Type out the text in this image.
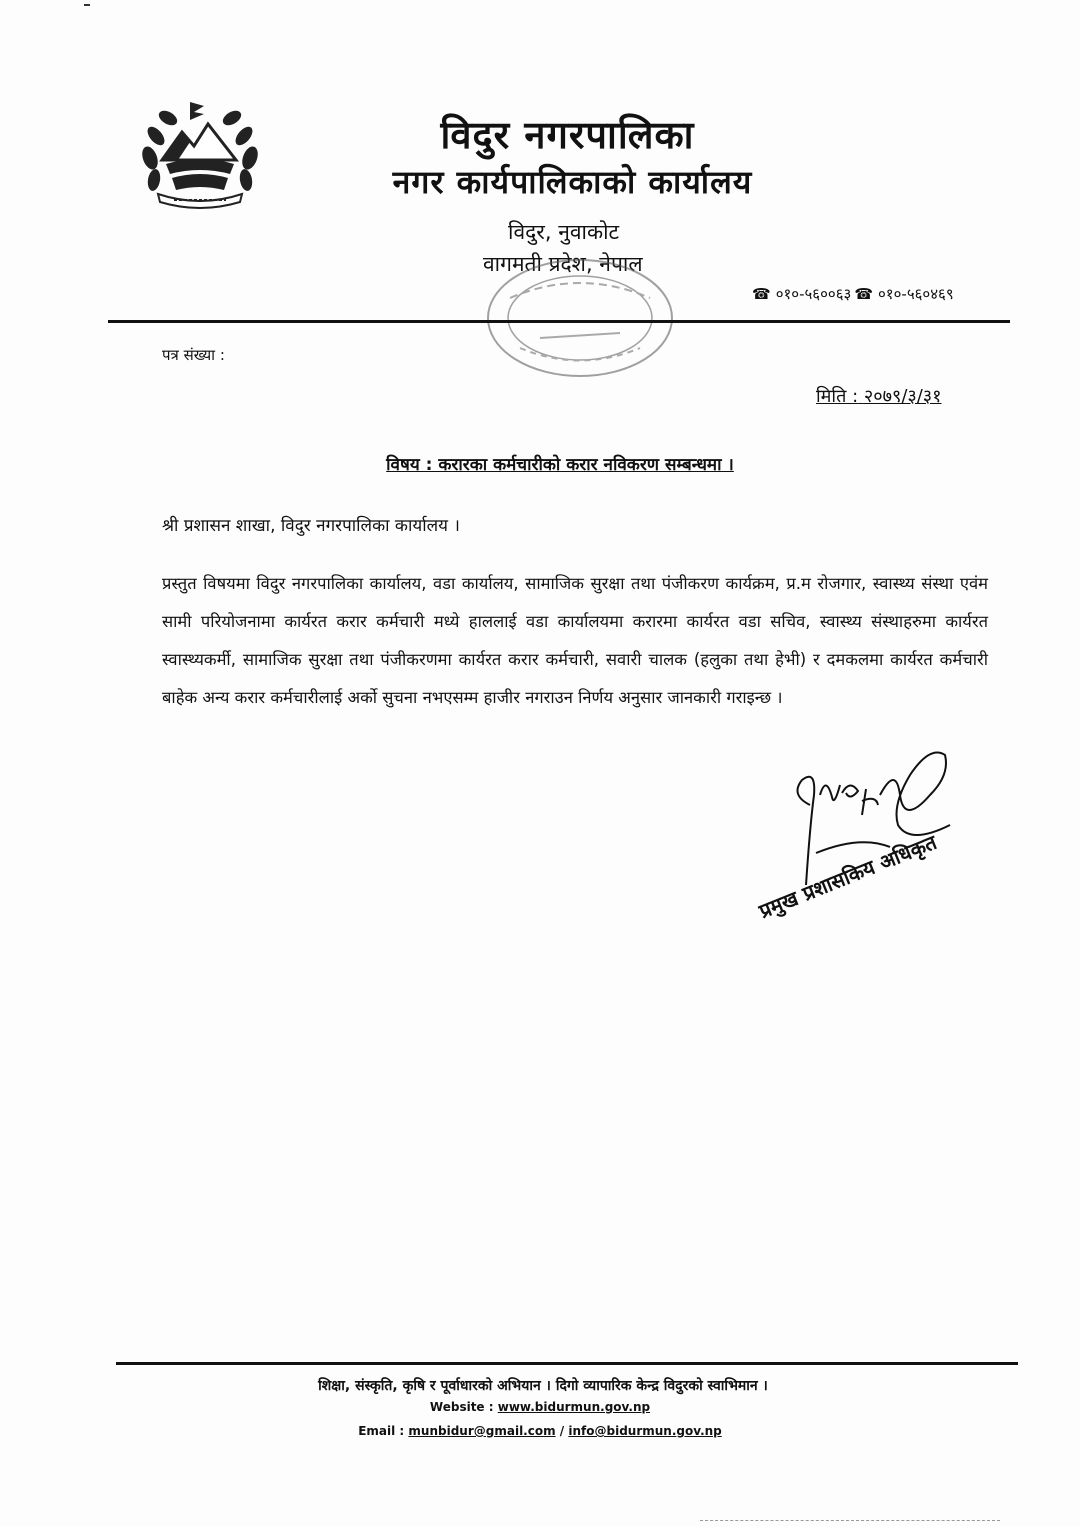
विदुर नगरपालिका
नगर कार्यपालिकाको कार्यालय
विदुर, नुवाकोट
वागमती प्रदेश, नेपाल
☎ ०१०-५६००६३ ☎ ०१०-५६०४६९
पत्र संख्या :
मिति : २०७९/३/३१
विषय : करारका कर्मचारीको करार नविकरण सम्बन्धमा ।
श्री प्रशासन शाखा, विदुर नगरपालिका कार्यालय ।
प्रस्तुत विषयमा विदुर नगरपालिका कार्यालय, वडा कार्यालय, सामाजिक सुरक्षा तथा पंजीकरण कार्यक्रम, प्र.म रोजगार, स्वास्थ्य संस्था एवंम सामी परियोजनामा कार्यरत करार कर्मचारी मध्ये हाललाई वडा कार्यालयमा करारमा कार्यरत वडा सचिव, स्वास्थ्य संस्थाहरुमा कार्यरत स्वास्थ्यकर्मी, सामाजिक सुरक्षा तथा पंजीकरणमा कार्यरत करार कर्मचारी, सवारी चालक (हलुका तथा हेभी) र दमकलमा कार्यरत कर्मचारी बाहेक अन्य करार कर्मचारीलाई अर्को सुचना नभएसम्म हाजीर नगराउन निर्णय अनुसार जानकारी गराइन्छ ।
प्रमुख प्रशासकिय अधिकृत
शिक्षा, संस्कृति, कृषि र पूर्वाधारको अभियान । दिगो व्यापारिक केन्द्र विदुरको स्वाभिमान ।
Website : www.bidurmun.gov.np
Email : munbidur@gmail.com / info@bidurmun.gov.np
